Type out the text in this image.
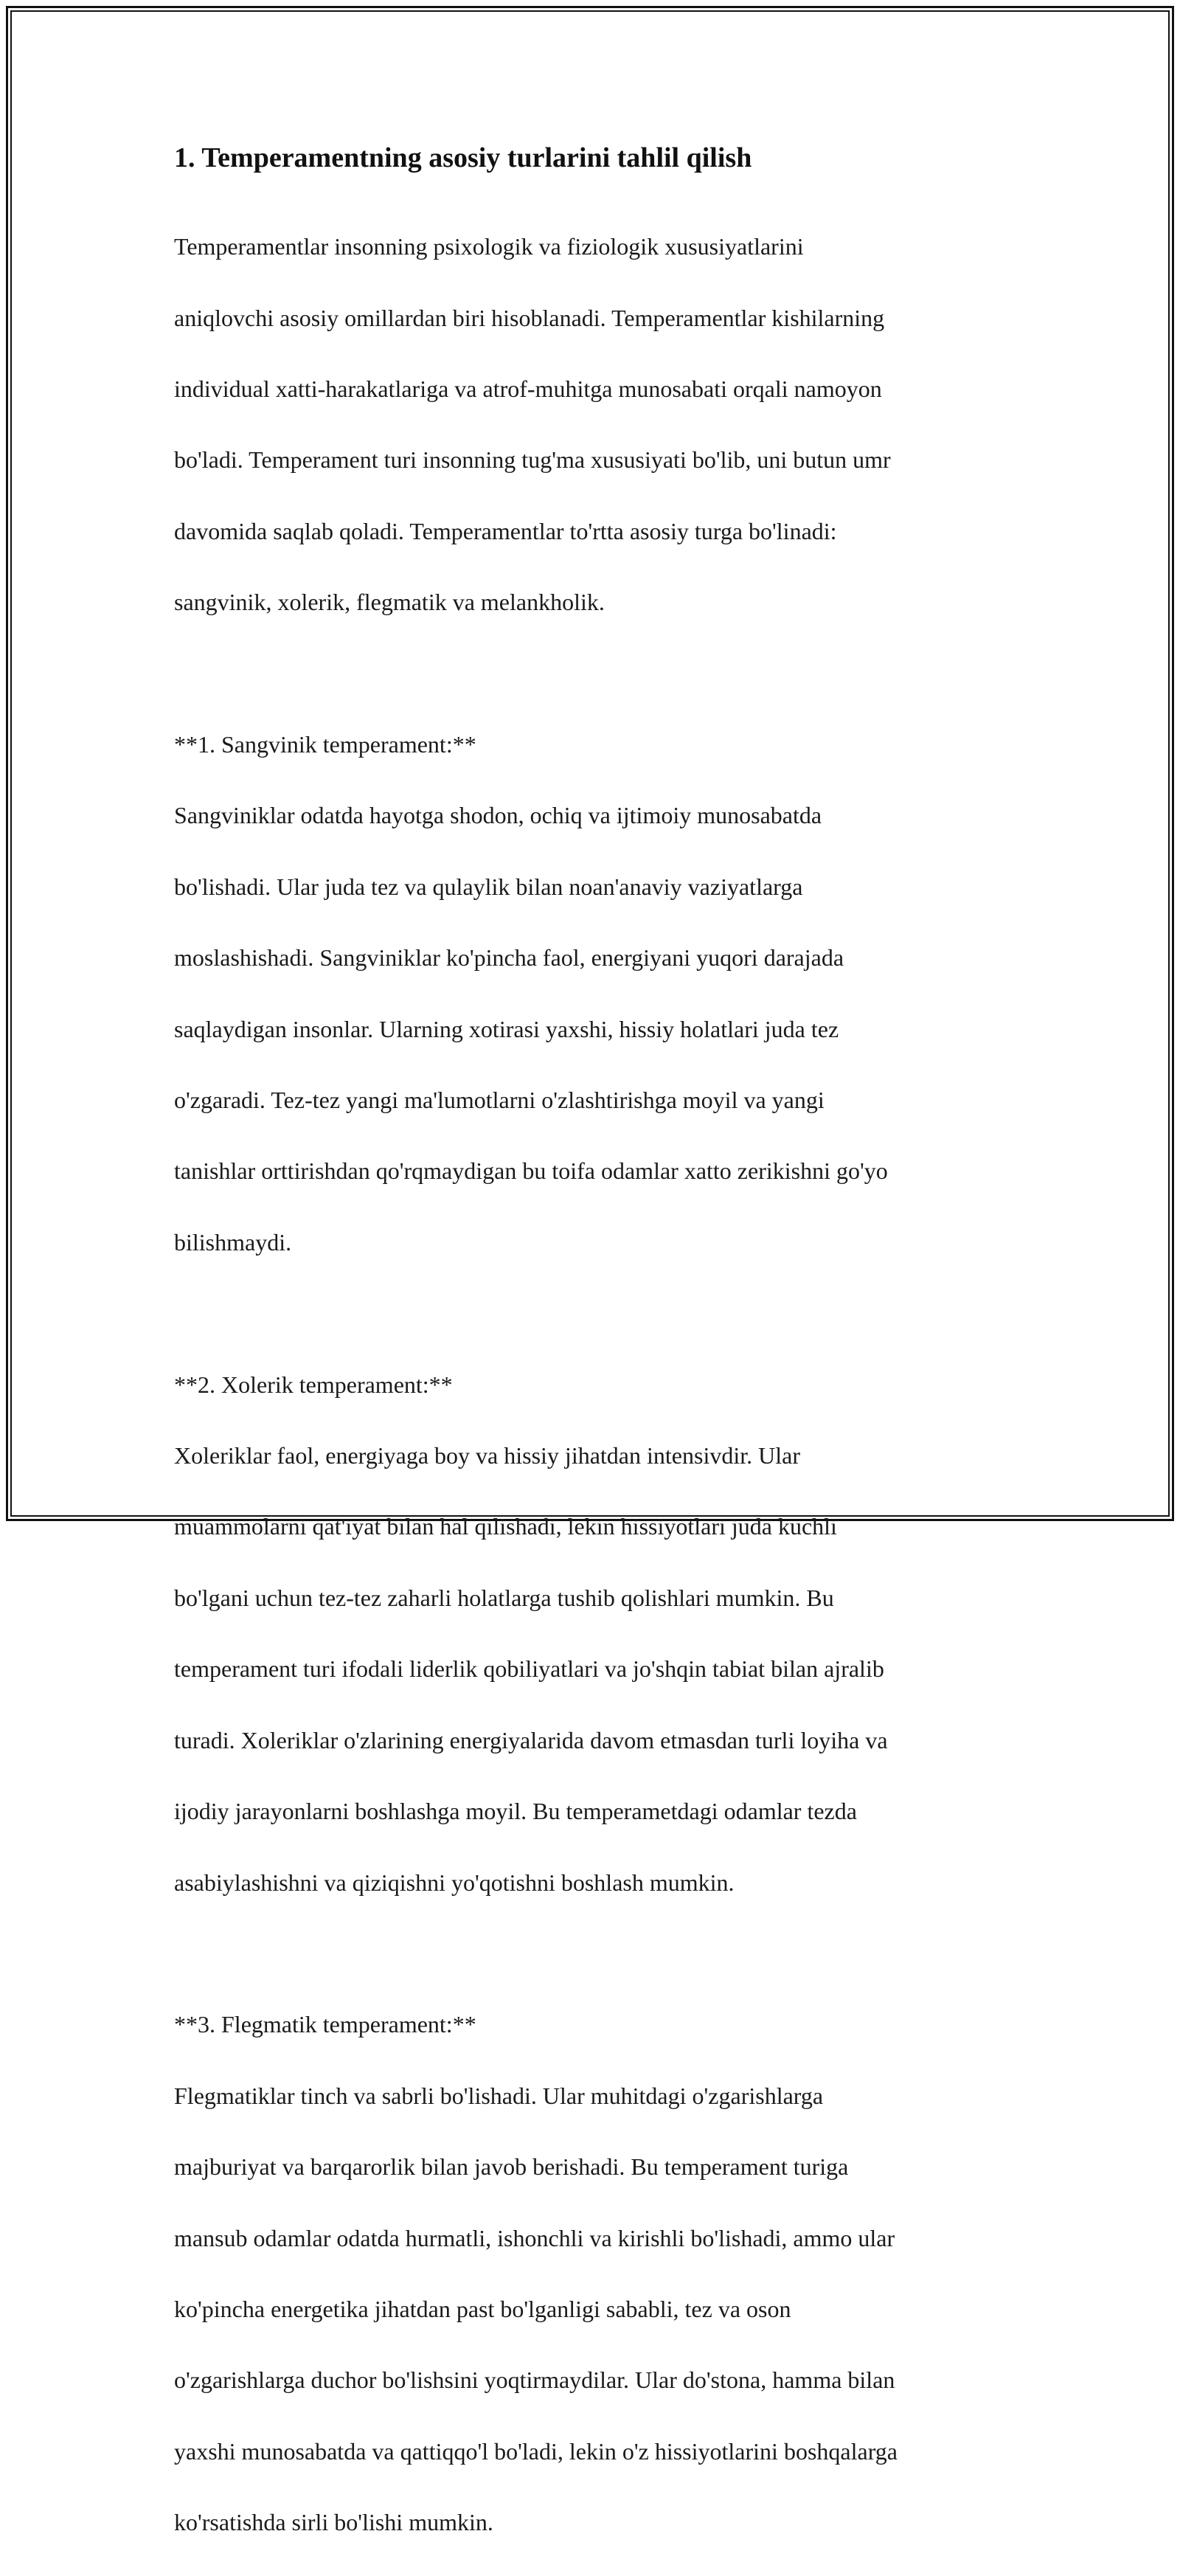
1. Temperamentning asosiy turlarini tahlil qilish

Temperamentlar insonning psixologik va fiziologik xususiyatlarini

aniqlovchi asosiy omillardan biri hisoblanadi. Temperamentlar kishilarning

individual xatti-harakatlariga va atrof-muhitga munosabati orqali namoyon

bo'ladi. Temperament turi insonning tug'ma xususiyati bo'lib, uni butun umr

davomida saqlab qoladi. Temperamentlar to'rtta asosiy turga bo'linadi:

sangvinik, xolerik, flegmatik va melankholik.

**1. Sangvinik temperament:**

Sangviniklar odatda hayotga shodon, ochiq va ijtimoiy munosabatda

bo'lishadi. Ular juda tez va qulaylik bilan noan'anaviy vaziyatlarga

moslashishadi. Sangviniklar ko'pincha faol, energiyani yuqori darajada

saqlaydigan insonlar. Ularning xotirasi yaxshi, hissiy holatlari juda tez

o'zgaradi. Tez-tez yangi ma'lumotlarni o'zlashtirishga moyil va yangi

tanishlar orttirishdan qo'rqmaydigan bu toifa odamlar xatto zerikishni go'yo

bilishmaydi.

**2. Xolerik temperament:**

Xoleriklar faol, energiyaga boy va hissiy jihatdan intensivdir. Ular

muammolarni qat'iyat bilan hal qilishadi, lekin hissiyotlari juda kuchli

bo'lgani uchun tez-tez zaharli holatlarga tushib qolishlari mumkin. Bu

temperament turi ifodali liderlik qobiliyatlari va jo'shqin tabiat bilan ajralib

turadi. Xoleriklar o'zlarining energiyalarida davom etmasdan turli loyiha va

ijodiy jarayonlarni boshlashga moyil. Bu temperametdagi odamlar tezda

asabiylashishni va qiziqishni yo'qotishni boshlash mumkin.

**3. Flegmatik temperament:**

Flegmatiklar tinch va sabrli bo'lishadi. Ular muhitdagi o'zgarishlarga

majburiyat va barqarorlik bilan javob berishadi. Bu temperament turiga

mansub odamlar odatda hurmatli, ishonchli va kirishli bo'lishadi, ammo ular

ko'pincha energetika jihatdan past bo'lganligi sababli, tez va oson

o'zgarishlarga duchor bo'lishsini yoqtirmaydilar. Ular do'stona, hamma bilan

yaxshi munosabatda va qattiqqo'l bo'ladi, lekin o'z hissiyotlarini boshqalarga

ko'rsatishda sirli bo'lishi mumkin.
